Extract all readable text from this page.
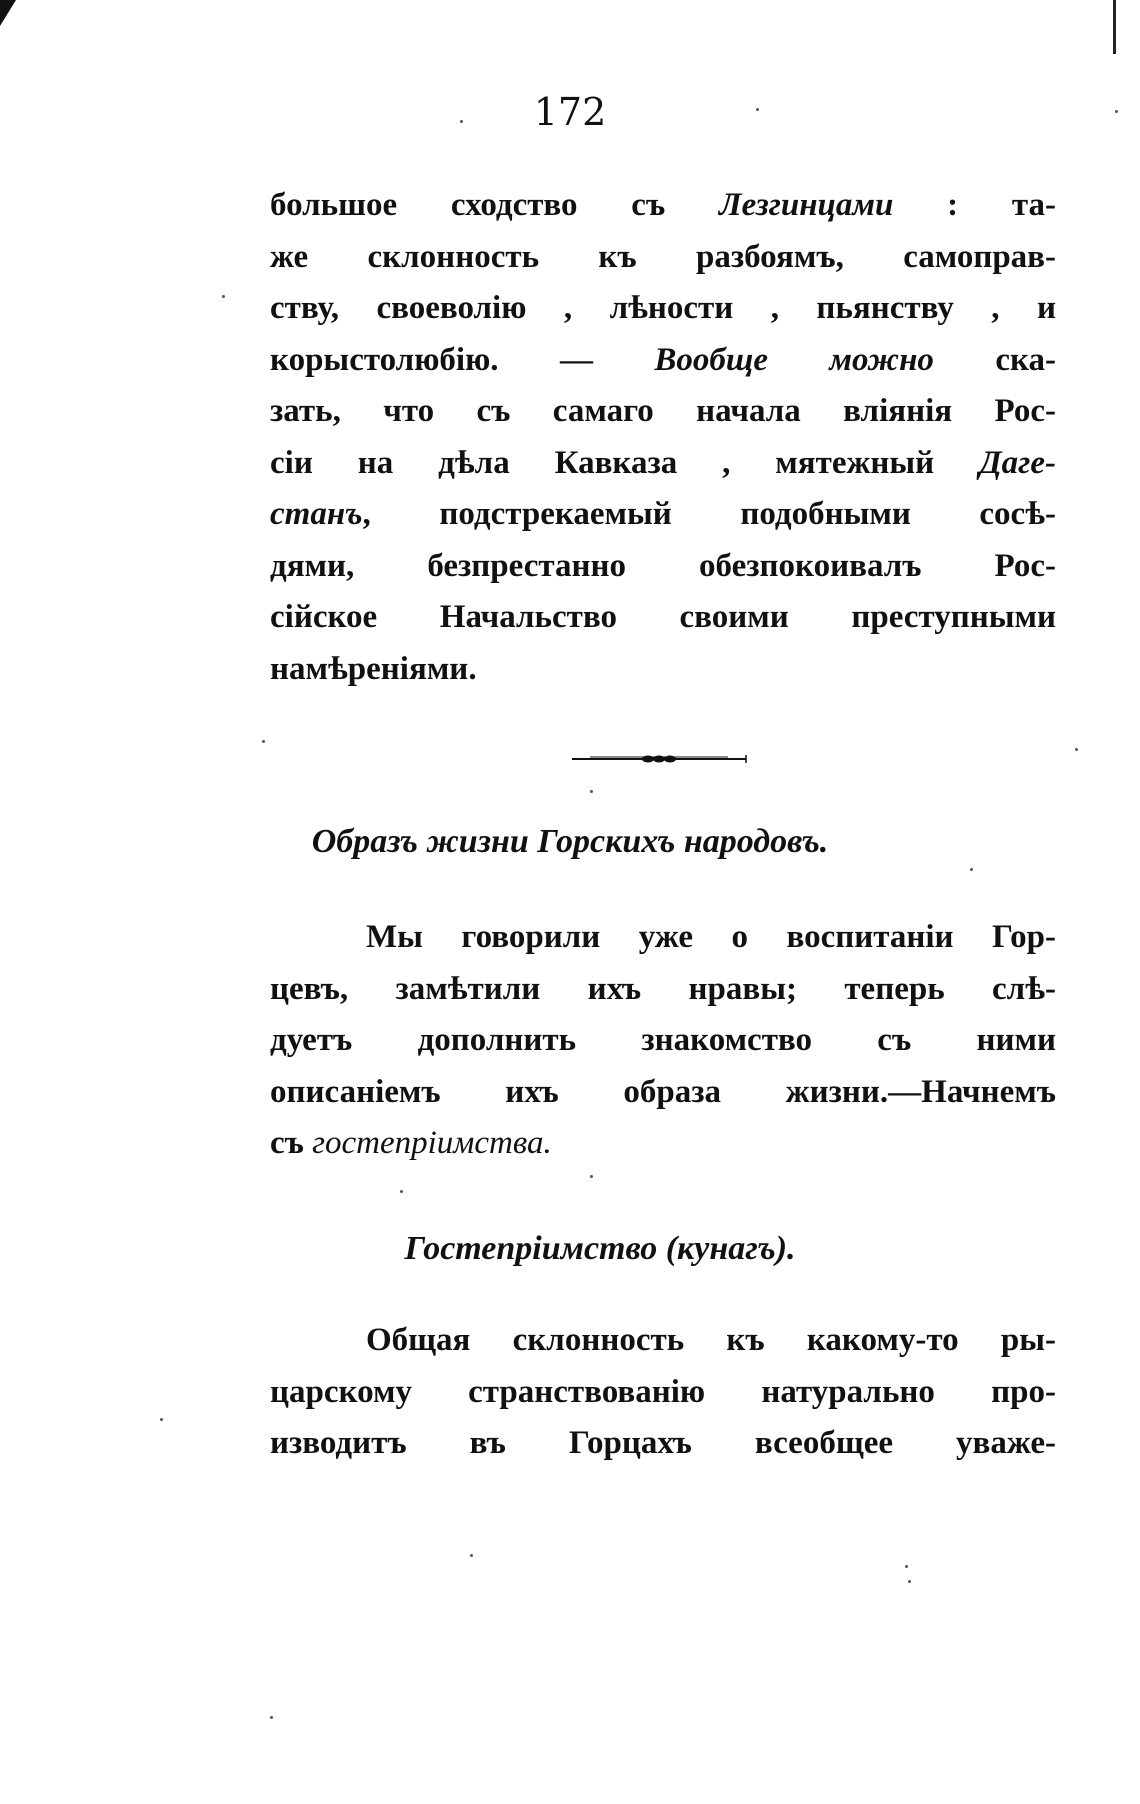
172
большое сходство съ Лезгинцами : та-
же склонность къ разбоямъ, самоправ-
ству, своеволію , лѣности , пьянству , и
корыстолюбію. — Вообще можно ска-
зать, что съ самаго начала вліянія Рос-
сіи на дѣла Кавказа , мятежный Даге-
станъ, подстрекаемый подобными сосѣ-
дями, безпрестанно обезпокоивалъ Рос-
сійское Начальство своими преступными
намѣреніями.
Образъ жизни Горскихъ народовъ.
Мы говорили уже о воспитаніи Гор-
цевъ, замѣтили ихъ нравы; теперь слѣ-
дуетъ дополнить знакомство съ ними
описаніемъ ихъ образа жизни.—Начнемъ
съ гостепріимства.
Гостепріимство (кунагъ).
Общая склонность къ какому-то ры-
царскому странствованію натурально про-
изводитъ въ Горцахъ всеобщее уваже-
